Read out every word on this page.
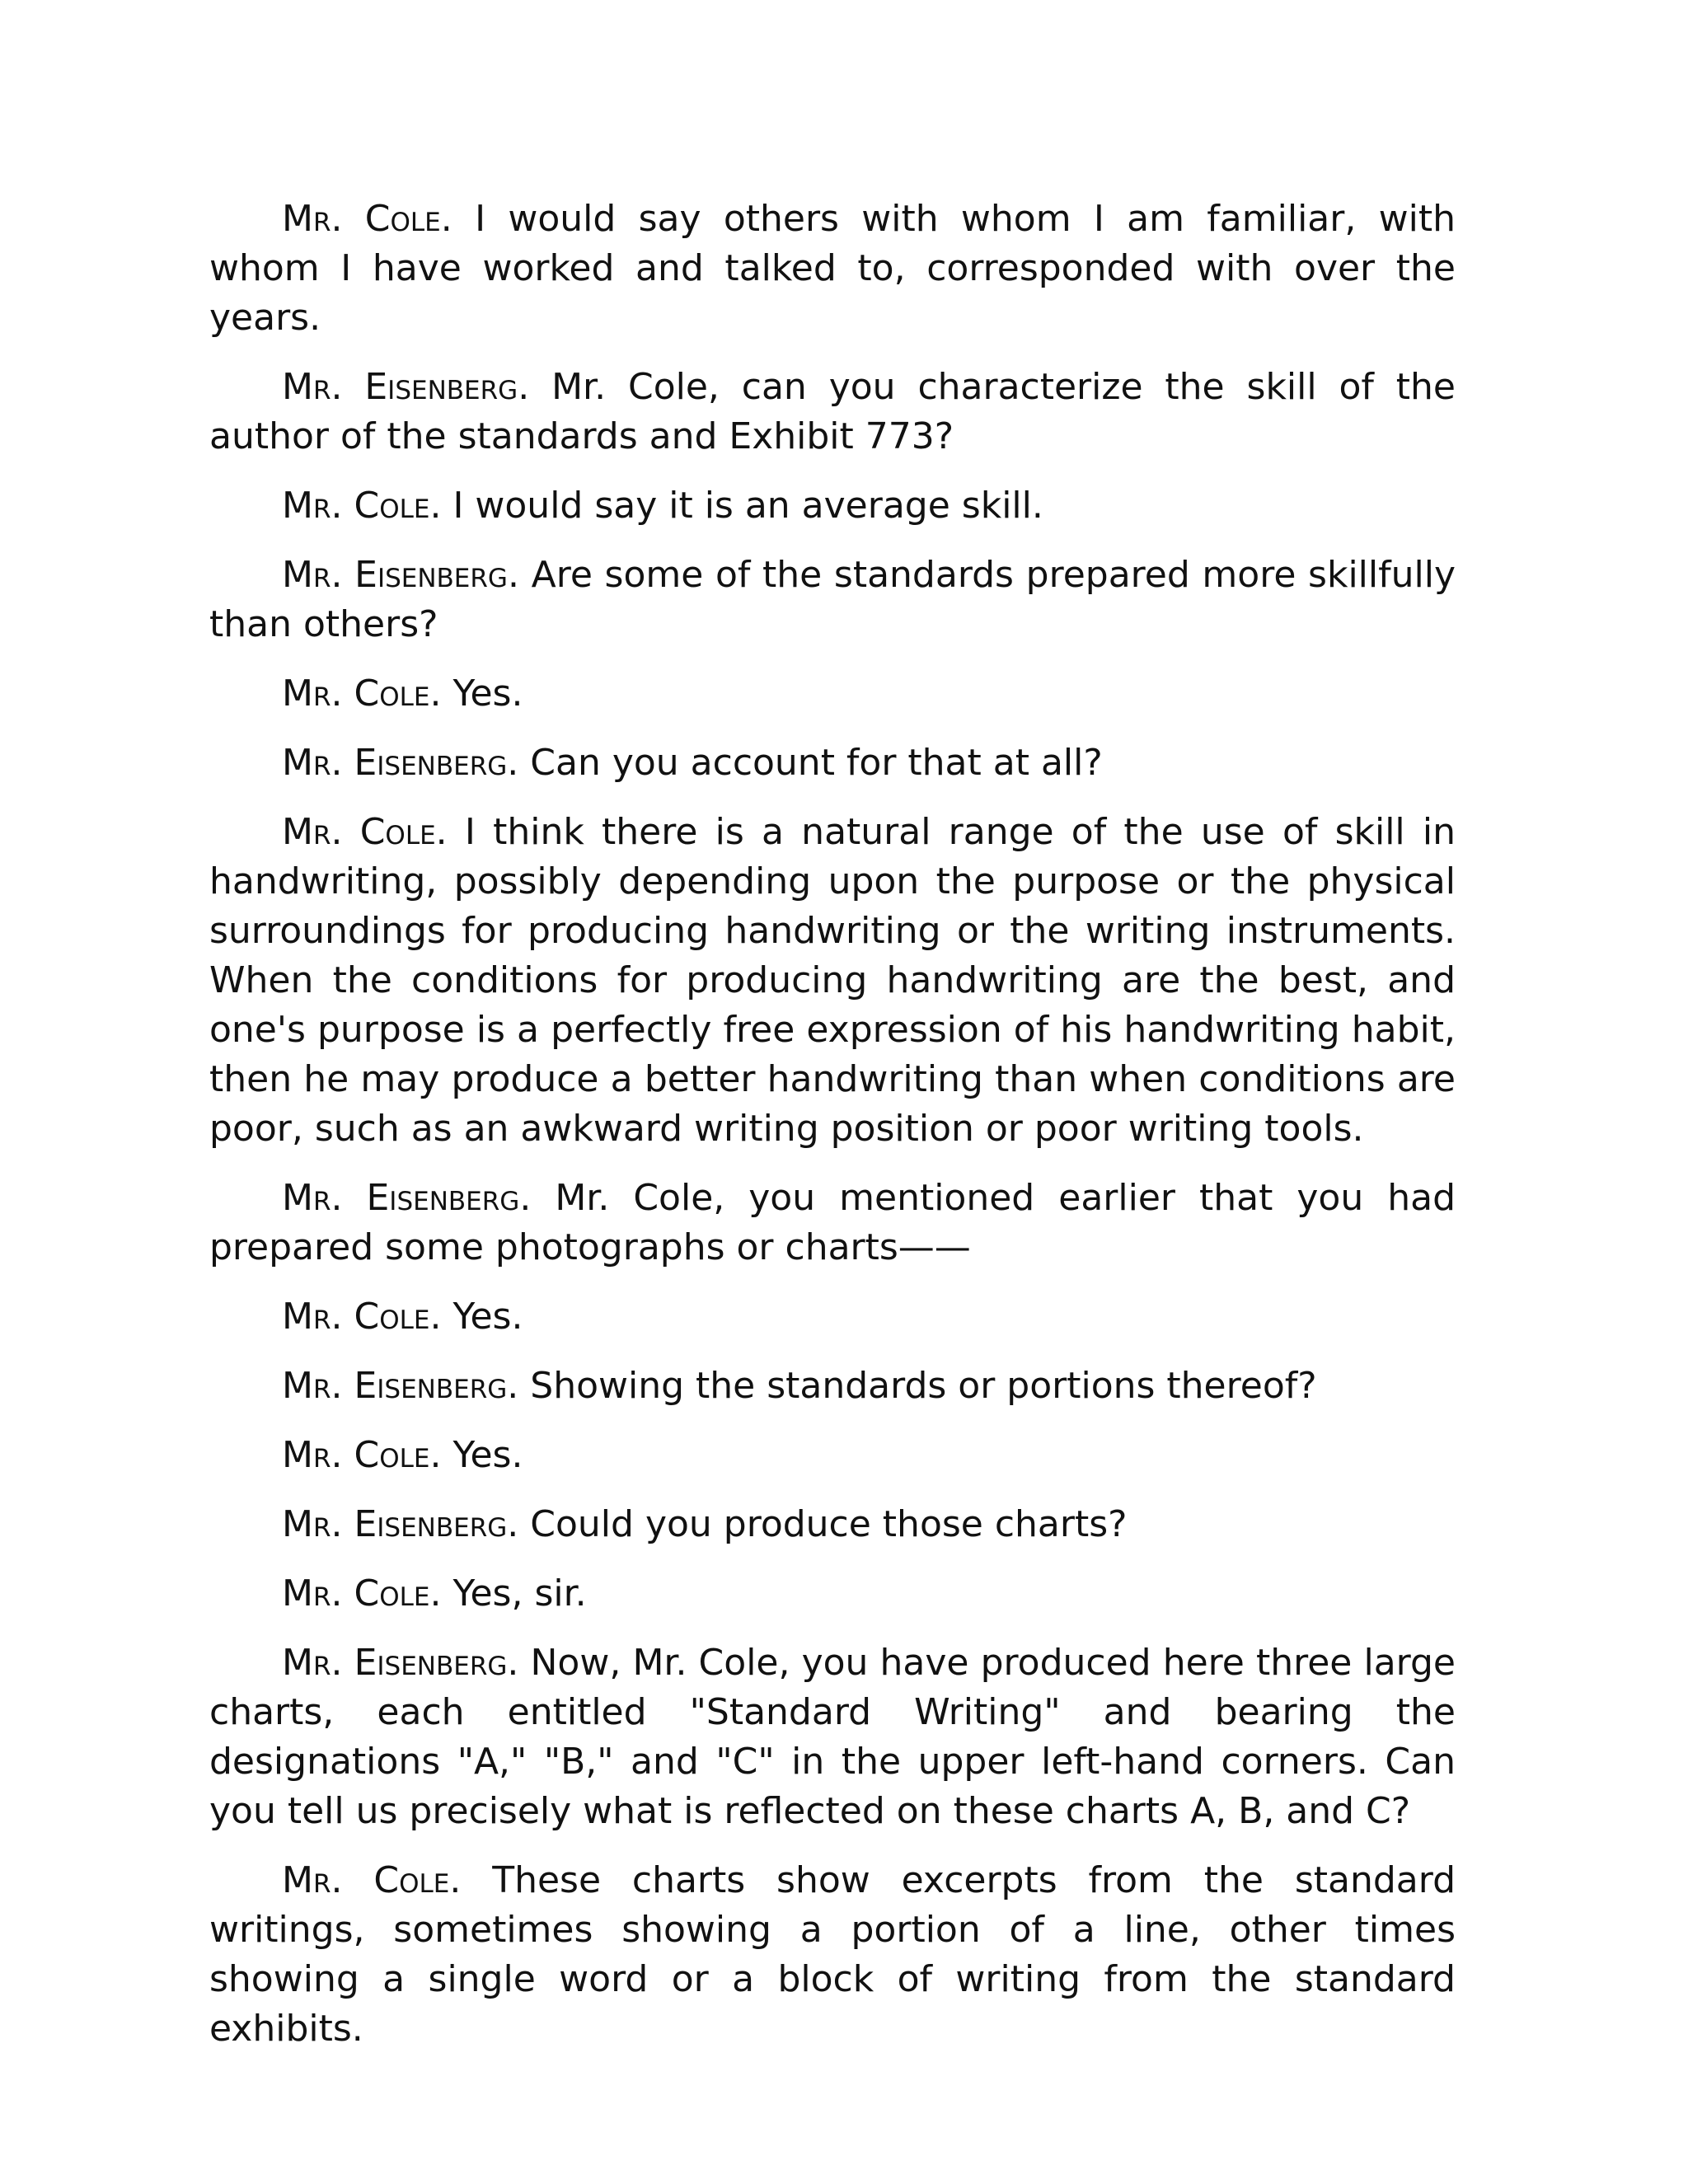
Mr. Cole. I would say others with whom I am familiar, with whom I have worked and talked to, corresponded with over the years.

Mr. Eisenberg. Mr. Cole, can you characterize the skill of the author of the standards and Exhibit 773?

Mr. Cole. I would say it is an average skill.

Mr. Eisenberg. Are some of the standards prepared more skillfully than others?

Mr. Cole. Yes.

Mr. Eisenberg. Can you account for that at all?

Mr. Cole. I think there is a natural range of the use of skill in handwriting, possibly depending upon the purpose or the physical surroundings for producing handwriting or the writing instruments. When the conditions for producing handwriting are the best, and one's purpose is a perfectly free expression of his handwriting habit, then he may produce a better handwriting than when conditions are poor, such as an awkward writing position or poor writing tools.

Mr. Eisenberg. Mr. Cole, you mentioned earlier that you had prepared some photographs or charts——

Mr. Cole. Yes.

Mr. Eisenberg. Showing the standards or portions thereof?

Mr. Cole. Yes.

Mr. Eisenberg. Could you produce those charts?

Mr. Cole. Yes, sir.

Mr. Eisenberg. Now, Mr. Cole, you have produced here three large charts, each entitled "Standard Writing" and bearing the designations "A," "B," and "C" in the upper left-hand corners. Can you tell us precisely what is reflected on these charts A, B, and C?

Mr. Cole. These charts show excerpts from the standard writings, sometimes showing a portion of a line, other times showing a single word or a block of writing from the standard exhibits.
